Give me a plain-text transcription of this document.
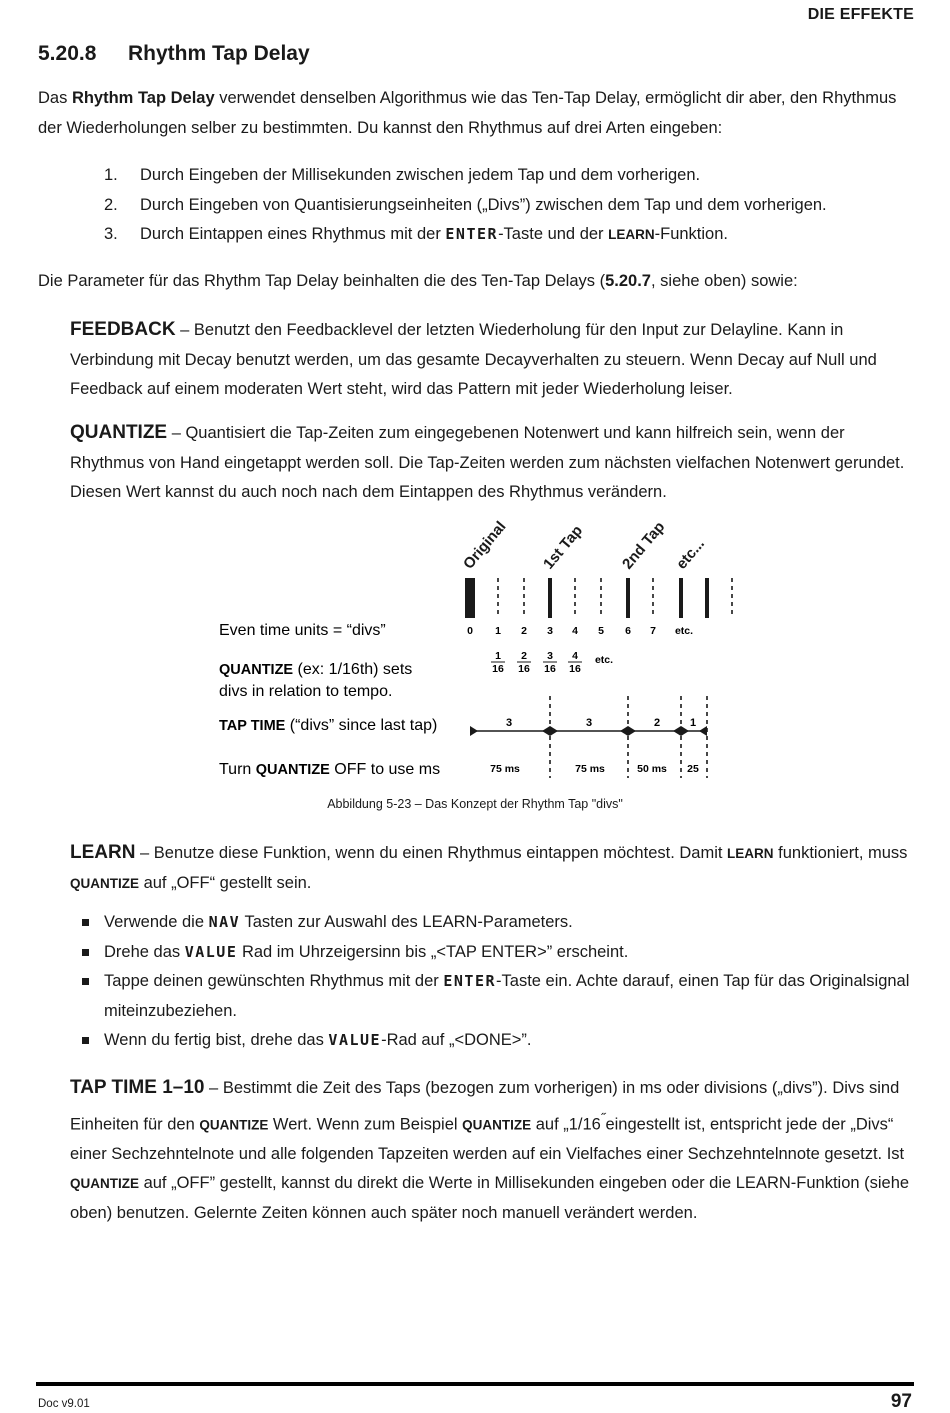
DIE EFFEKTE
5.20.8 Rhythm Tap Delay
Das Rhythm Tap Delay verwendet denselben Algorithmus wie das Ten-Tap Delay, ermöglicht dir aber, den Rhythmus der Wiederholungen selber zu bestimmten. Du kannst den Rhythmus auf drei Arten eingeben:
1. Durch Eingeben der Millisekunden zwischen jedem Tap und dem vorherigen.
2. Durch Eingeben von Quantisierungseinheiten („Divs”) zwischen dem Tap und dem vorherigen.
3. Durch Eintappen eines Rhythmus mit der ENTER-Taste und der LEARN-Funktion.
Die Parameter für das Rhythm Tap Delay beinhalten die des Ten-Tap Delays (5.20.7, siehe oben) sowie:
FEEDBACK – Benutzt den Feedbacklevel der letzten Wiederholung für den Input zur Delayline. Kann in Verbindung mit Decay benutzt werden, um das gesamte Decayverhalten zu steuern. Wenn Decay auf Null und Feedback auf einem moderaten Wert steht, wird das Pattern mit jeder Wiederholung leiser.
QUANTIZE – Quantisiert die Tap-Zeiten zum eingegebenen Notenwert und kann hilfreich sein, wenn der Rhythmus von Hand eingetappt werden soll. Die Tap-Zeiten werden zum nächsten vielfachen Notenwert gerundet. Diesen Wert kannst du auch noch nach dem Eintappen des Rhythmus verändern.
Original 1st Tap 2nd Tap etc...
Even time units = “divs”	0 1 2 3 4 5 6 7 etc.
QUANTIZE (ex: 1/16th) sets
divs in relation to tempo.
1
16
2
16
3
16
4
16
etc.
TAP TIME (“divs” since last tap)	3	3	2	1
Turn QUANTIZE OFF to use ms	75 ms	75 ms	50 ms 25
Abbildung 5-23 – Das Konzept der Rhythm Tap "divs"
LEARN – Benutze diese Funktion, wenn du einen Rhythmus eintappen möchtest. Damit LEARN funktioniert, muss QUANTIZE auf „OFF“ gestellt sein.
Verwende die NAV Tasten zur Auswahl des LEARN-Parameters.
Drehe das VALUE Rad im Uhrzeigersinn bis „<TAP ENTER>” erscheint.
Tappe deinen gewünschten Rhythmus mit der ENTER-Taste ein. Achte darauf, einen Tap für das Originalsignal miteinzubeziehen.
Wenn du fertig bist, drehe das VALUE-Rad auf „<DONE>”.
TAP TIME 1–10 – Bestimmt die Zeit des Taps (bezogen zum vorherigen) in ms oder divisions („divs”). Divs sind Einheiten für den QUANTIZE Wert. Wenn zum Beispiel QUANTIZE auf „1/16˝eingestellt ist, entspricht jede der „Divs“ einer Sechzehntelnote und alle folgenden Tapzeiten werden auf ein Vielfaches einer Sechzehntelnnote gesetzt. Ist QUANTIZE auf „OFF” gestellt, kannst du direkt die Werte in Millisekunden eingeben oder die LEARN-Funktion (siehe oben) benutzen. Gelernte Zeiten können auch später noch manuell verändert werden.
Doc v9.01	97
